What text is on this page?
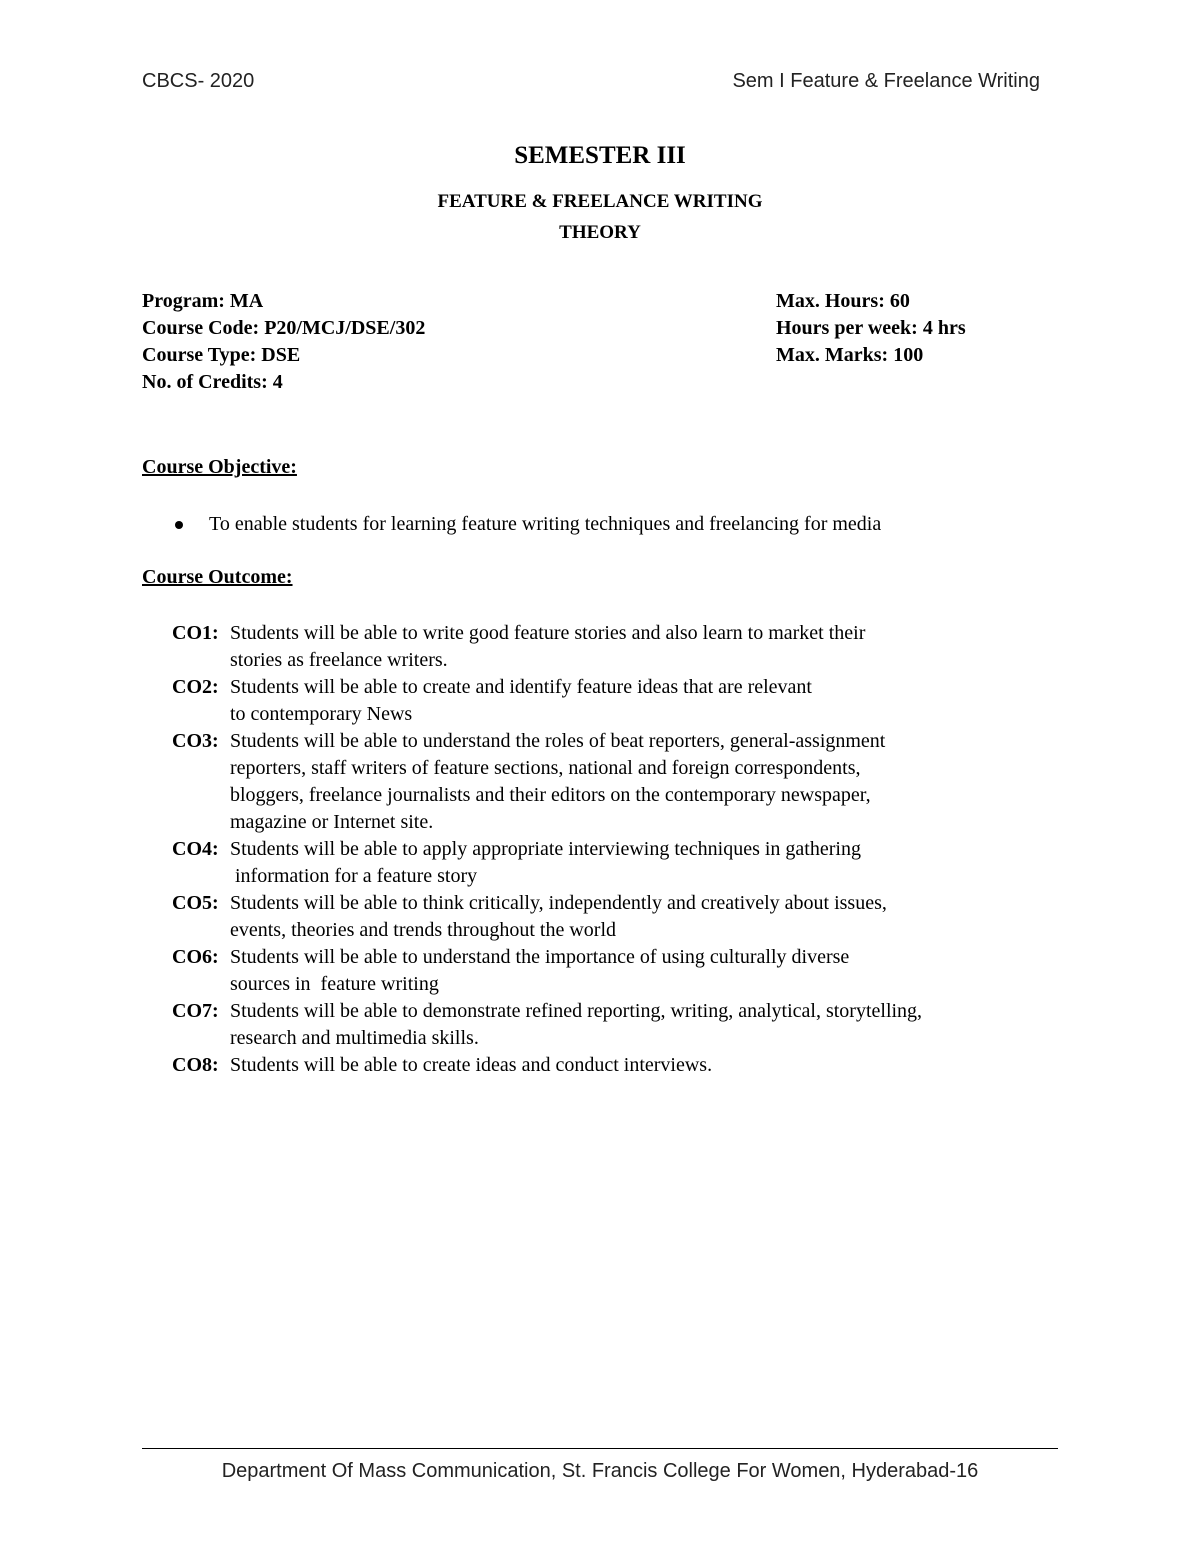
CBCS- 2020	Sem I Feature & Freelance Writing
SEMESTER III
FEATURE & FREELANCE WRITING
THEORY
Program: MA	Max. Hours: 60
Course Code: P20/MCJ/DSE/302	Hours per week: 4 hrs
Course Type: DSE	Max. Marks: 100
No. of Credits: 4
Course Objective:
To enable students for learning feature writing techniques and freelancing for media
Course Outcome:
CO1: Students will be able to write good feature stories and also learn to market their
stories as freelance writers.
CO2: Students will be able to create and identify feature ideas that are relevant
to contemporary News
CO3: Students will be able to understand the roles of beat reporters, general-assignment
reporters, staff writers of feature sections, national and foreign correspondents,
bloggers, freelance journalists and their editors on the contemporary newspaper,
magazine or Internet site.
CO4: Students will be able to apply appropriate interviewing techniques in gathering
information for a feature story
CO5: Students will be able to think critically, independently and creatively about issues,
events, theories and trends throughout the world
CO6: Students will be able to understand the importance of using culturally diverse
sources in  feature writing
CO7: Students will be able to demonstrate refined reporting, writing, analytical, storytelling,
research and multimedia skills.
CO8: Students will be able to create ideas and conduct interviews.
Department Of Mass Communication, St. Francis College For Women, Hyderabad-16
